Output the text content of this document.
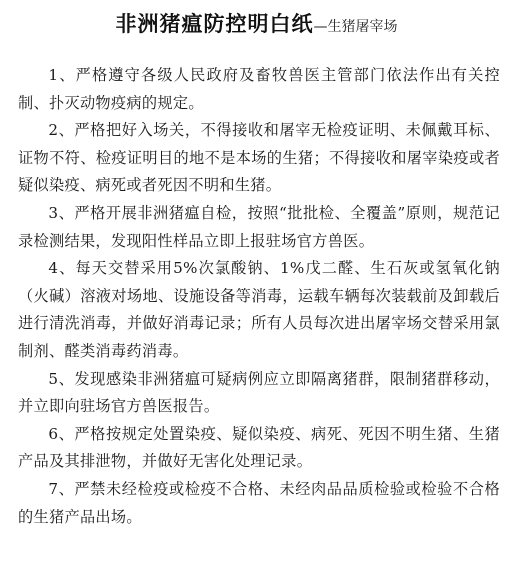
非洲猪瘟防控明白纸—生猪屠宰场

1、严格遵守各级人民政府及畜牧兽医主管部门依法作出有关控制、扑灭动物疫病的规定。

2、严格把好入场关，不得接收和屠宰无检疫证明、未佩戴耳标、证物不符、检疫证明目的地不是本场的生猪；不得接收和屠宰染疫或者疑似染疫、病死或者死因不明和生猪。

3、严格开展非洲猪瘟自检，按照“批批检、全覆盖”原则，规范记录检测结果，发现阳性样品立即上报驻场官方兽医。

4、每天交替采用5%次氯酸钠、1%戊二醛、生石灰或氢氧化钠（火碱）溶液对场地、设施设备等消毒，运载车辆每次装载前及卸载后进行清洗消毒，并做好消毒记录；所有人员每次进出屠宰场交替采用氯制剂、醛类消毒药消毒。

5、发现感染非洲猪瘟可疑病例应立即隔离猪群，限制猪群移动，并立即向驻场官方兽医报告。

6、严格按规定处置染疫、疑似染疫、病死、死因不明生猪、生猪产品及其排泄物，并做好无害化处理记录。

7、严禁未经检疫或检疫不合格、未经肉品品质检验或检验不合格的生猪产品出场。
